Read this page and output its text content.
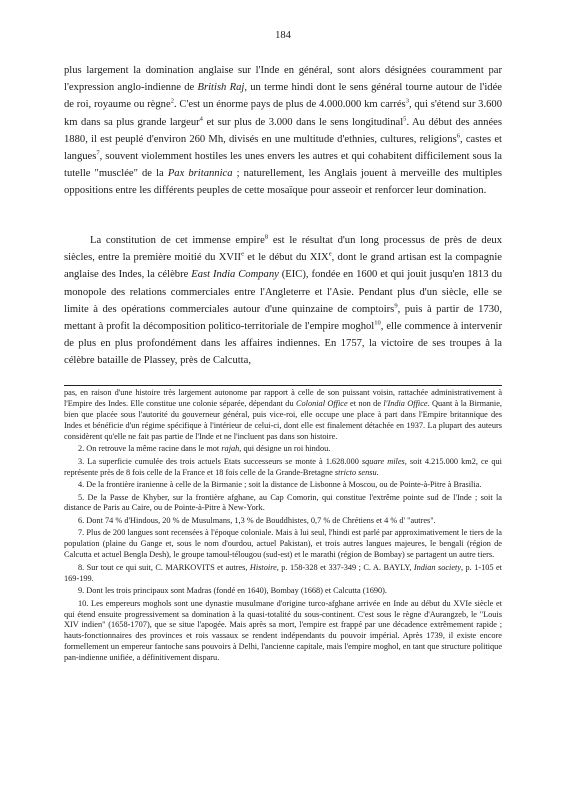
184

plus largement la domination anglaise sur l'Inde en général, sont alors désignées couramment par l'expression anglo-indienne de British Raj, un terme hindi dont le sens général tourne autour de l'idée de roi, royaume ou règne$^2$. C'est un énorme pays de plus de 4.000.000 km carrés$^3$, qui s'étend sur 3.600 km dans sa plus grande largeur$^4$ et sur plus de 3.000 dans le sens longitudinal$^5$. Au début des années 1880, il est peuplé d'environ 260 Mh, divisés en une multitude d'ethnies, cultures, religions$^6$, castes et langues$^7$, souvent violemment hostiles les unes envers les autres et qui cohabitent difficilement sous la tutelle "musclée" de la Pax britannica ; naturellement, les Anglais jouent à merveille des multiples oppositions entre les différents peuples de cette mosaïque pour asseoir et renforcer leur domination.

La constitution de cet immense empire$^8$ est le résultat d'un long processus de près de deux siècles, entre la première moitié du XVIIe et le début du XIXe, dont le grand artisan est la compagnie anglaise des Indes, la célèbre East India Company (EIC), fondée en 1600 et qui jouit jusqu'en 1813 du monopole des relations commerciales entre l'Angleterre et l'Asie. Pendant plus d'un siècle, elle se limite à des opérations commerciales autour d'une quinzaine de comptoirs$^9$, puis à partir de 1730, mettant à profit la décomposition politico-territoriale de l'empire moghol$^{10}$, elle commence à intervenir de plus en plus profondément dans les affaires indiennes. En 1757, la victoire de ses troupes à la célèbre bataille de Plassey, près de Calcutta,

pas, en raison d'une histoire très largement autonome par rapport à celle de son puissant voisin, rattachée administrativement à l'Empire des Indes. Elle constitue une colonie séparée, dépendant du Colonial Office et non de l'India Office. Quant à la Birmanie, bien que placée sous l'autorité du gouverneur général, puis vice-roi, elle occupe une place à part dans l'Empire britannique des Indes et bénéficie d'un régime spécifique à l'intérieur de celui-ci, dont elle est finalement détachée en 1937. La plupart des auteurs considèrent qu'elle ne fait pas partie de l'Inde et ne l'incluent pas dans son histoire.

2. On retrouve la même racine dans le mot rajah, qui désigne un roi hindou.

3. La superficie cumulée des trois actuels Etats successeurs se monte à 1.628.000 square miles, soit 4.215.000 km2, ce qui représente près de 8 fois celle de la France et 18 fois celle de la Grande-Bretagne stricto sensu.

4. De la frontière iranienne à celle de la Birmanie ; soit la distance de Lisbonne à Moscou, ou de Pointe-à-Pitre à Brasilia.

5. De la Passe de Khyber, sur la frontière afghane, au Cap Comorin, qui constitue l'extrême pointe sud de l'Inde ; soit la distance de Paris au Caire, ou de Pointe-à-Pitre à New-York.

6. Dont 74 % d'Hindous, 20 % de Musulmans, 1,3 % de Bouddhistes, 0,7 % de Chrétiens et 4 % d' "autres".

7. Plus de 200 langues sont recensées à l'époque coloniale. Mais à lui seul, l'hindi est parlé par approximativement le tiers de la population (plaine du Gange et, sous le nom d'ourdou, actuel Pakistan), et trois autres langues majeures, le bengali (région de Calcutta et actuel Bengla Desh), le groupe tamoul-télougou (sud-est) et le marathi (région de Bombay) se partagent un autre tiers.

8. Sur tout ce qui suit, C. MARKOVITS et autres, Histoire, p. 158-328 et 337-349 ; C. A. BAYLY, Indian society, p. 1-105 et 169-199.

9. Dont les trois principaux sont Madras (fondé en 1640), Bombay (1668) et Calcutta (1690).

10. Les empereurs moghols sont une dynastie musulmane d'origine turco-afghane arrivée en Inde au début du XVIe siècle et qui étend ensuite progressivement sa domination à la quasi-totalité du sous-continent. C'est sous le règne d'Aurangzeb, le "Louis XIV indien" (1658-1707), que se situe l'apogée. Mais après sa mort, l'empire est frappé par une décadence extrêmement rapide ; hauts-fonctionnaires des provinces et rois vassaux se rendent indépendants du pouvoir impérial. Après 1739, il existe encore formellement un empereur fantoche sans pouvoirs à Delhi, l'ancienne capitale, mais l'empire moghol, en tant que structure politique pan-indienne unifiée, a définitivement disparu.
